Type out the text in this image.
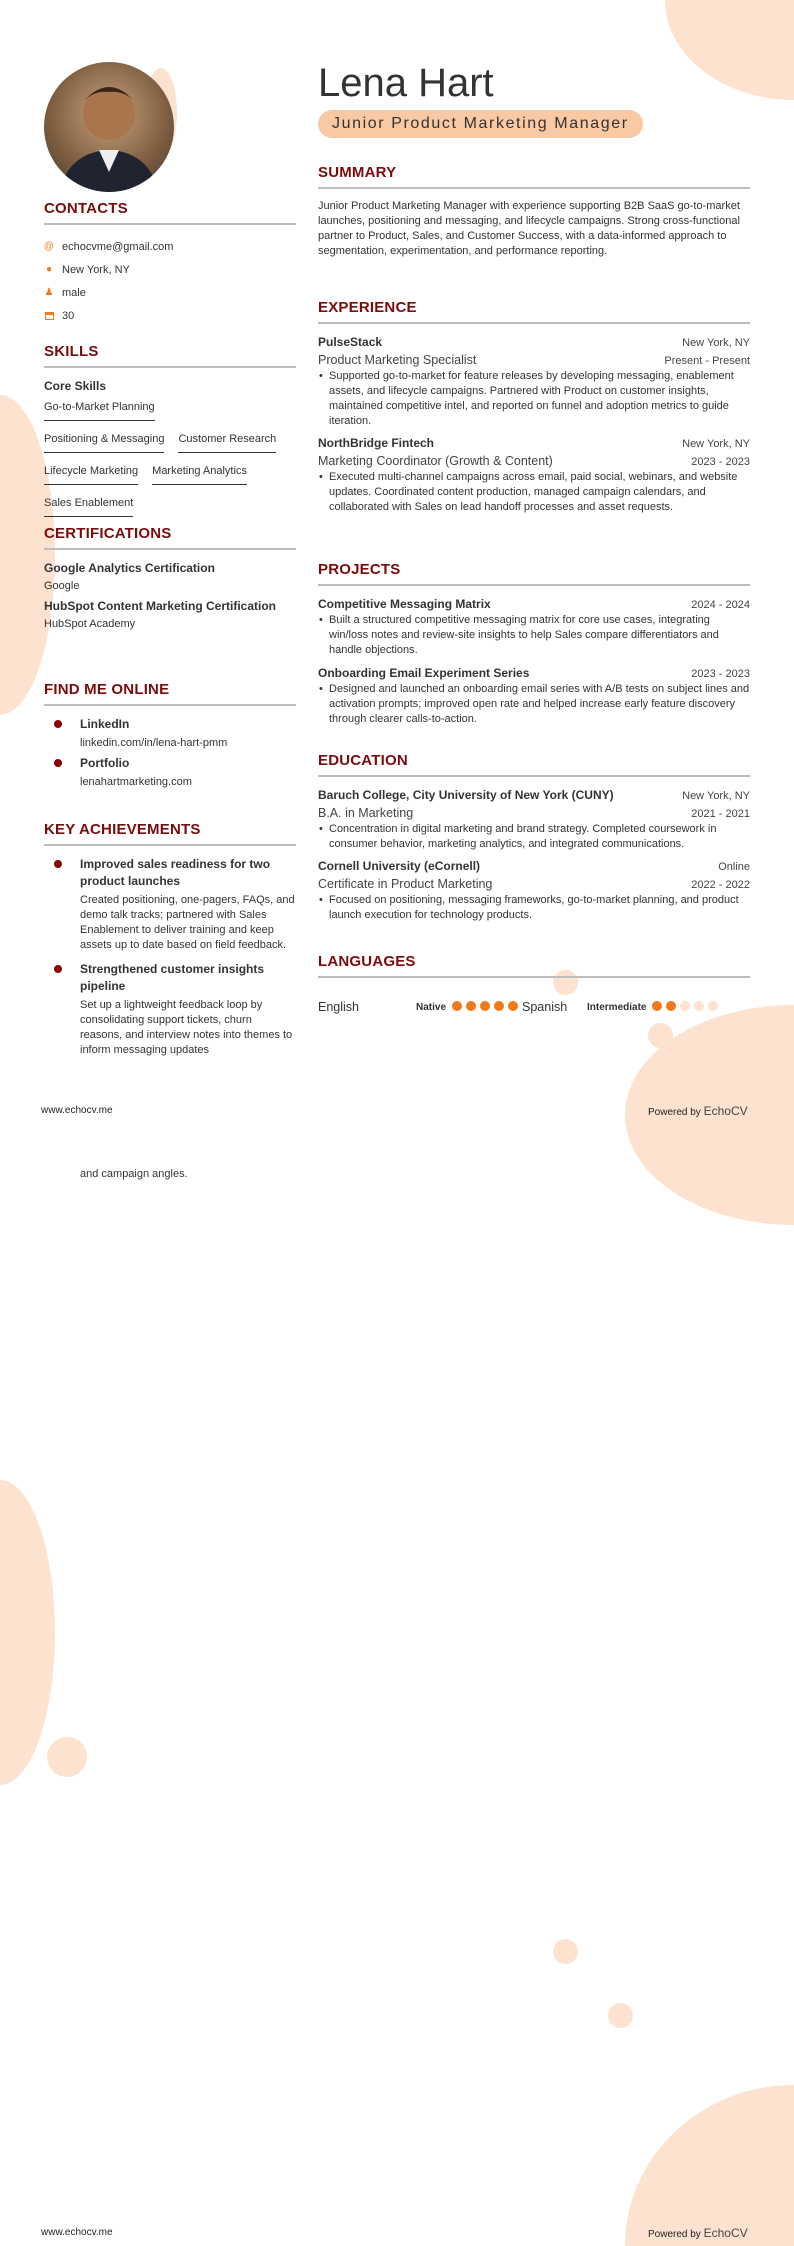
Lena Hart
Junior Product Marketing Manager
CONTACTS
@ echocvme@gmail.com
● New York, NY
♟ male
30
SKILLS
Core Skills
Go-to-Market Planning
Positioning & Messaging Customer Research
Lifecycle Marketing Marketing Analytics
Sales Enablement
CERTIFICATIONS
Google Analytics Certification
Google
HubSpot Content Marketing Certification
HubSpot Academy
FIND ME ONLINE
LinkedIn
linkedin.com/in/lena-hart-pmm
Portfolio
lenahartmarketing.com
KEY ACHIEVEMENTS
Improved sales readiness for two product launches
Created positioning, one-pagers, FAQs, and demo talk tracks; partnered with Sales Enablement to deliver training and keep assets up to date based on field feedback.
Strengthened customer insights pipeline
Set up a lightweight feedback loop by consolidating support tickets, churn reasons, and interview notes into themes to inform messaging updates
and campaign angles.
SUMMARY
Junior Product Marketing Manager with experience supporting B2B SaaS go-to-market launches, positioning and messaging, and lifecycle campaigns. Strong cross-functional partner to Product, Sales, and Customer Success, with a data-informed approach to segmentation, experimentation, and performance reporting.
EXPERIENCE
PulseStack	New York, NY
Product Marketing Specialist	Present - Present
• Supported go-to-market for feature releases by developing messaging, enablement assets, and lifecycle campaigns. Partnered with Product on customer insights, maintained competitive intel, and reported on funnel and adoption metrics to guide iteration.
NorthBridge Fintech	New York, NY
Marketing Coordinator (Growth & Content)	2023 - 2023
• Executed multi-channel campaigns across email, paid social, webinars, and website updates. Coordinated content production, managed campaign calendars, and collaborated with Sales on lead handoff processes and asset requests.
PROJECTS
Competitive Messaging Matrix	2024 - 2024
• Built a structured competitive messaging matrix for core use cases, integrating win/loss notes and review-site insights to help Sales compare differentiators and handle objections.
Onboarding Email Experiment Series	2023 - 2023
• Designed and launched an onboarding email series with A/B tests on subject lines and activation prompts; improved open rate and helped increase early feature discovery through clearer calls-to-action.
EDUCATION
Baruch College, City University of New York (CUNY)	New York, NY
B.A. in Marketing	2021 - 2021
• Concentration in digital marketing and brand strategy. Completed coursework in consumer behavior, marketing analytics, and integrated communications.
Cornell University (eCornell)	Online
Certificate in Product Marketing	2022 - 2022
• Focused on positioning, messaging frameworks, go-to-market planning, and product launch execution for technology products.
LANGUAGES
English	Native	Spanish	Intermediate
www.echocv.me	Powered by EchoCV
www.echocv.me	Powered by EchoCV
